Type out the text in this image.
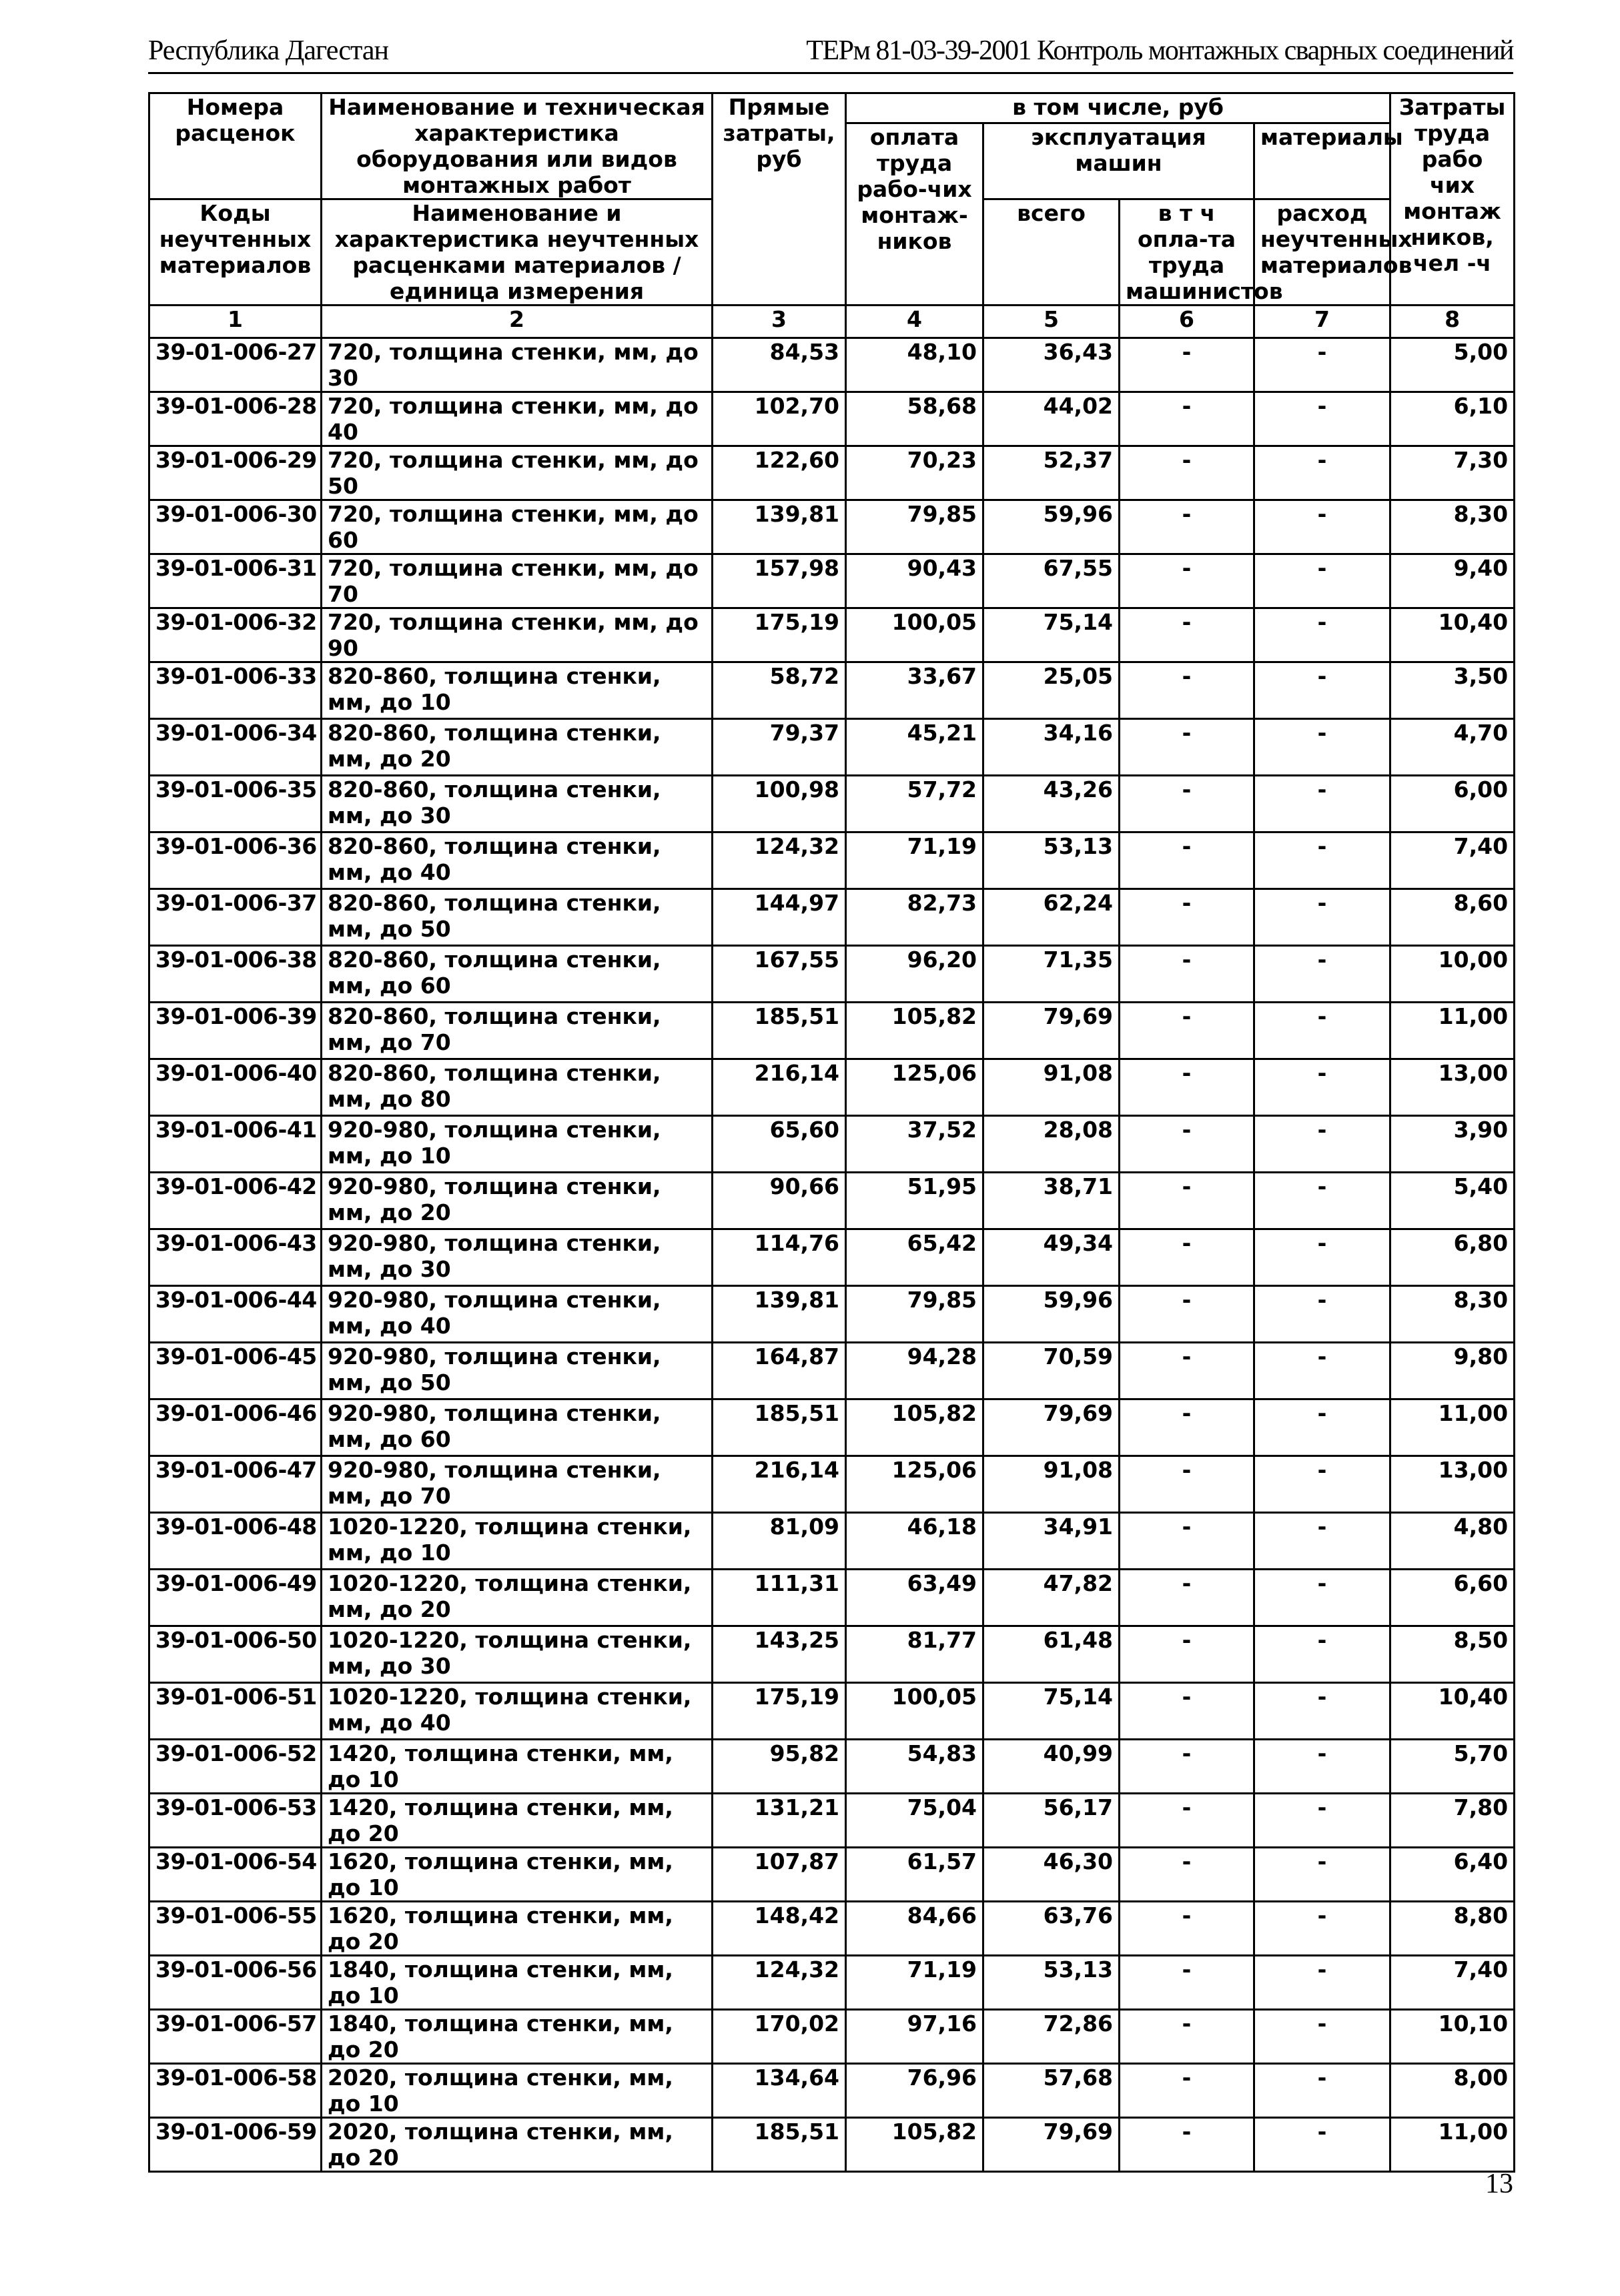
Республика Дагестан	ТЕРм 81-03-39-2001 Контроль монтажных сварных соединений
Номера расценок	Наименование и техническая характеристика оборудования или видов монтажных работ	Прямые затраты, руб	в том числе, руб				Затраты труда рабо чих монтаж ников, чел -ч
			оплата труда рабо-чих монтаж-ников	эксплуатация машин		материалы	
Коды неучтенных материалов	Наименование и характеристика неучтенных расценками материалов / единица измерения			всего	в т ч опла-та труда машинистов	расход неучтенных материалов	

1	2	3	4	5	6	7	8
39-01-006-27	720, толщина стенки, мм, до 30	84,53	48,10	36,43	-	-	5,00
39-01-006-28	720, толщина стенки, мм, до 40	102,70	58,68	44,02	-	-	6,10
39-01-006-29	720, толщина стенки, мм, до 50	122,60	70,23	52,37	-	-	7,30
39-01-006-30	720, толщина стенки, мм, до 60	139,81	79,85	59,96	-	-	8,30
39-01-006-31	720, толщина стенки, мм, до 70	157,98	90,43	67,55	-	-	9,40
39-01-006-32	720, толщина стенки, мм, до 90	175,19	100,05	75,14	-	-	10,40
39-01-006-33	820-860, толщина стенки, мм, до 10	58,72	33,67	25,05	-	-	3,50
39-01-006-34	820-860, толщина стенки, мм, до 20	79,37	45,21	34,16	-	-	4,70
39-01-006-35	820-860, толщина стенки, мм, до 30	100,98	57,72	43,26	-	-	6,00
39-01-006-36	820-860, толщина стенки, мм, до 40	124,32	71,19	53,13	-	-	7,40
39-01-006-37	820-860, толщина стенки, мм, до 50	144,97	82,73	62,24	-	-	8,60
39-01-006-38	820-860, толщина стенки, мм, до 60	167,55	96,20	71,35	-	-	10,00
39-01-006-39	820-860, толщина стенки, мм, до 70	185,51	105,82	79,69	-	-	11,00
39-01-006-40	820-860, толщина стенки, мм, до 80	216,14	125,06	91,08	-	-	13,00
39-01-006-41	920-980, толщина стенки, мм, до 10	65,60	37,52	28,08	-	-	3,90
39-01-006-42	920-980, толщина стенки, мм, до 20	90,66	51,95	38,71	-	-	5,40
39-01-006-43	920-980, толщина стенки, мм, до 30	114,76	65,42	49,34	-	-	6,80
39-01-006-44	920-980, толщина стенки, мм, до 40	139,81	79,85	59,96	-	-	8,30
39-01-006-45	920-980, толщина стенки, мм, до 50	164,87	94,28	70,59	-	-	9,80
39-01-006-46	920-980, толщина стенки, мм, до 60	185,51	105,82	79,69	-	-	11,00
39-01-006-47	920-980, толщина стенки, мм, до 70	216,14	125,06	91,08	-	-	13,00
39-01-006-48	1020-1220, толщина стенки, мм, до 10	81,09	46,18	34,91	-	-	4,80
39-01-006-49	1020-1220, толщина стенки, мм, до 20	111,31	63,49	47,82	-	-	6,60
39-01-006-50	1020-1220, толщина стенки, мм, до 30	143,25	81,77	61,48	-	-	8,50
39-01-006-51	1020-1220, толщина стенки, мм, до 40	175,19	100,05	75,14	-	-	10,40
39-01-006-52	1420, толщина стенки, мм, до 10	95,82	54,83	40,99	-	-	5,70
39-01-006-53	1420, толщина стенки, мм, до 20	131,21	75,04	56,17	-	-	7,80
39-01-006-54	1620, толщина стенки, мм, до 10	107,87	61,57	46,30	-	-	6,40
39-01-006-55	1620, толщина стенки, мм, до 20	148,42	84,66	63,76	-	-	8,80
39-01-006-56	1840, толщина стенки, мм, до 10	124,32	71,19	53,13	-	-	7,40
39-01-006-57	1840, толщина стенки, мм, до 20	170,02	97,16	72,86	-	-	10,10
39-01-006-58	2020, толщина стенки, мм, до 10	134,64	76,96	57,68	-	-	8,00
39-01-006-59	2020, толщина стенки, мм, до 20	185,51	105,82	79,69	-	-	11,00
13
